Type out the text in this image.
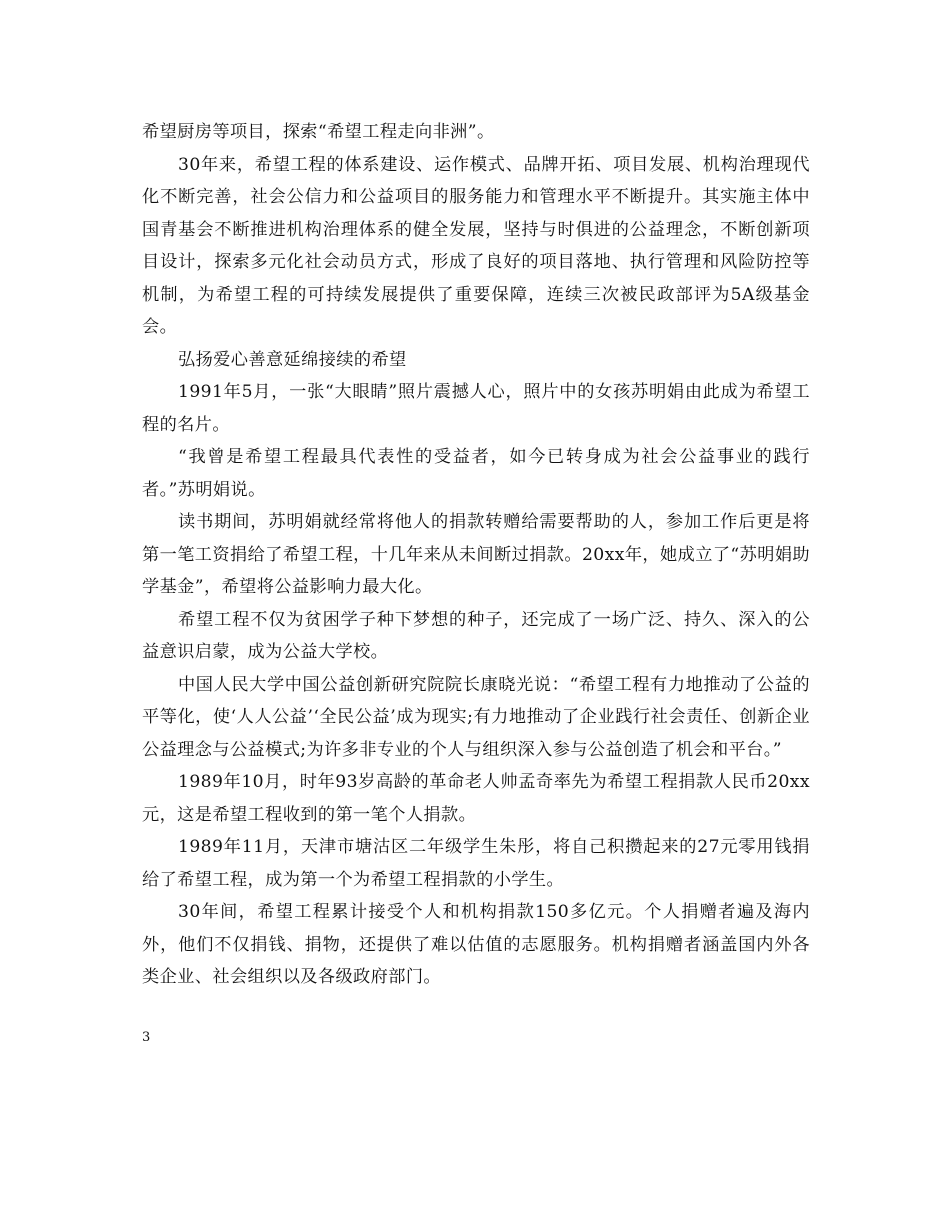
希望厨房等项目，探索“希望工程走向非洲”。

30年来，希望工程的体系建设、运作模式、品牌开拓、项目发展、机构治理现代化不断完善，社会公信力和公益项目的服务能力和管理水平不断提升。其实施主体中国青基会不断推进机构治理体系的健全发展，坚持与时俱进的公益理念，不断创新项目设计，探索多元化社会动员方式，形成了良好的项目落地、执行管理和风险防控等机制，为希望工程的可持续发展提供了重要保障，连续三次被民政部评为5A级基金会。

弘扬爱心善意延绵接续的希望

1991年5月，一张“大眼睛”照片震撼人心，照片中的女孩苏明娟由此成为希望工程的名片。

“我曾是希望工程最具代表性的受益者，如今已转身成为社会公益事业的践行者。”苏明娟说。

读书期间，苏明娟就经常将他人的捐款转赠给需要帮助的人，参加工作后更是将第一笔工资捐给了希望工程，十几年来从未间断过捐款。20xx年，她成立了“苏明娟助学基金”，希望将公益影响力最大化。

希望工程不仅为贫困学子种下梦想的种子，还完成了一场广泛、持久、深入的公益意识启蒙，成为公益大学校。

中国人民大学中国公益创新研究院院长康晓光说：“希望工程有力地推动了公益的平等化，使‘人人公益’‘全民公益’成为现实;有力地推动了企业践行社会责任、创新企业公益理念与公益模式;为许多非专业的个人与组织深入参与公益创造了机会和平台。”

1989年10月，时年93岁高龄的革命老人帅孟奇率先为希望工程捐款人民币20xx元，这是希望工程收到的第一笔个人捐款。

1989年11月，天津市塘沽区二年级学生朱彤，将自己积攒起来的27元零用钱捐给了希望工程，成为第一个为希望工程捐款的小学生。

30年间，希望工程累计接受个人和机构捐款150多亿元。个人捐赠者遍及海内外，他们不仅捐钱、捐物，还提供了难以估值的志愿服务。机构捐赠者涵盖国内外各类企业、社会组织以及各级政府部门。

3
